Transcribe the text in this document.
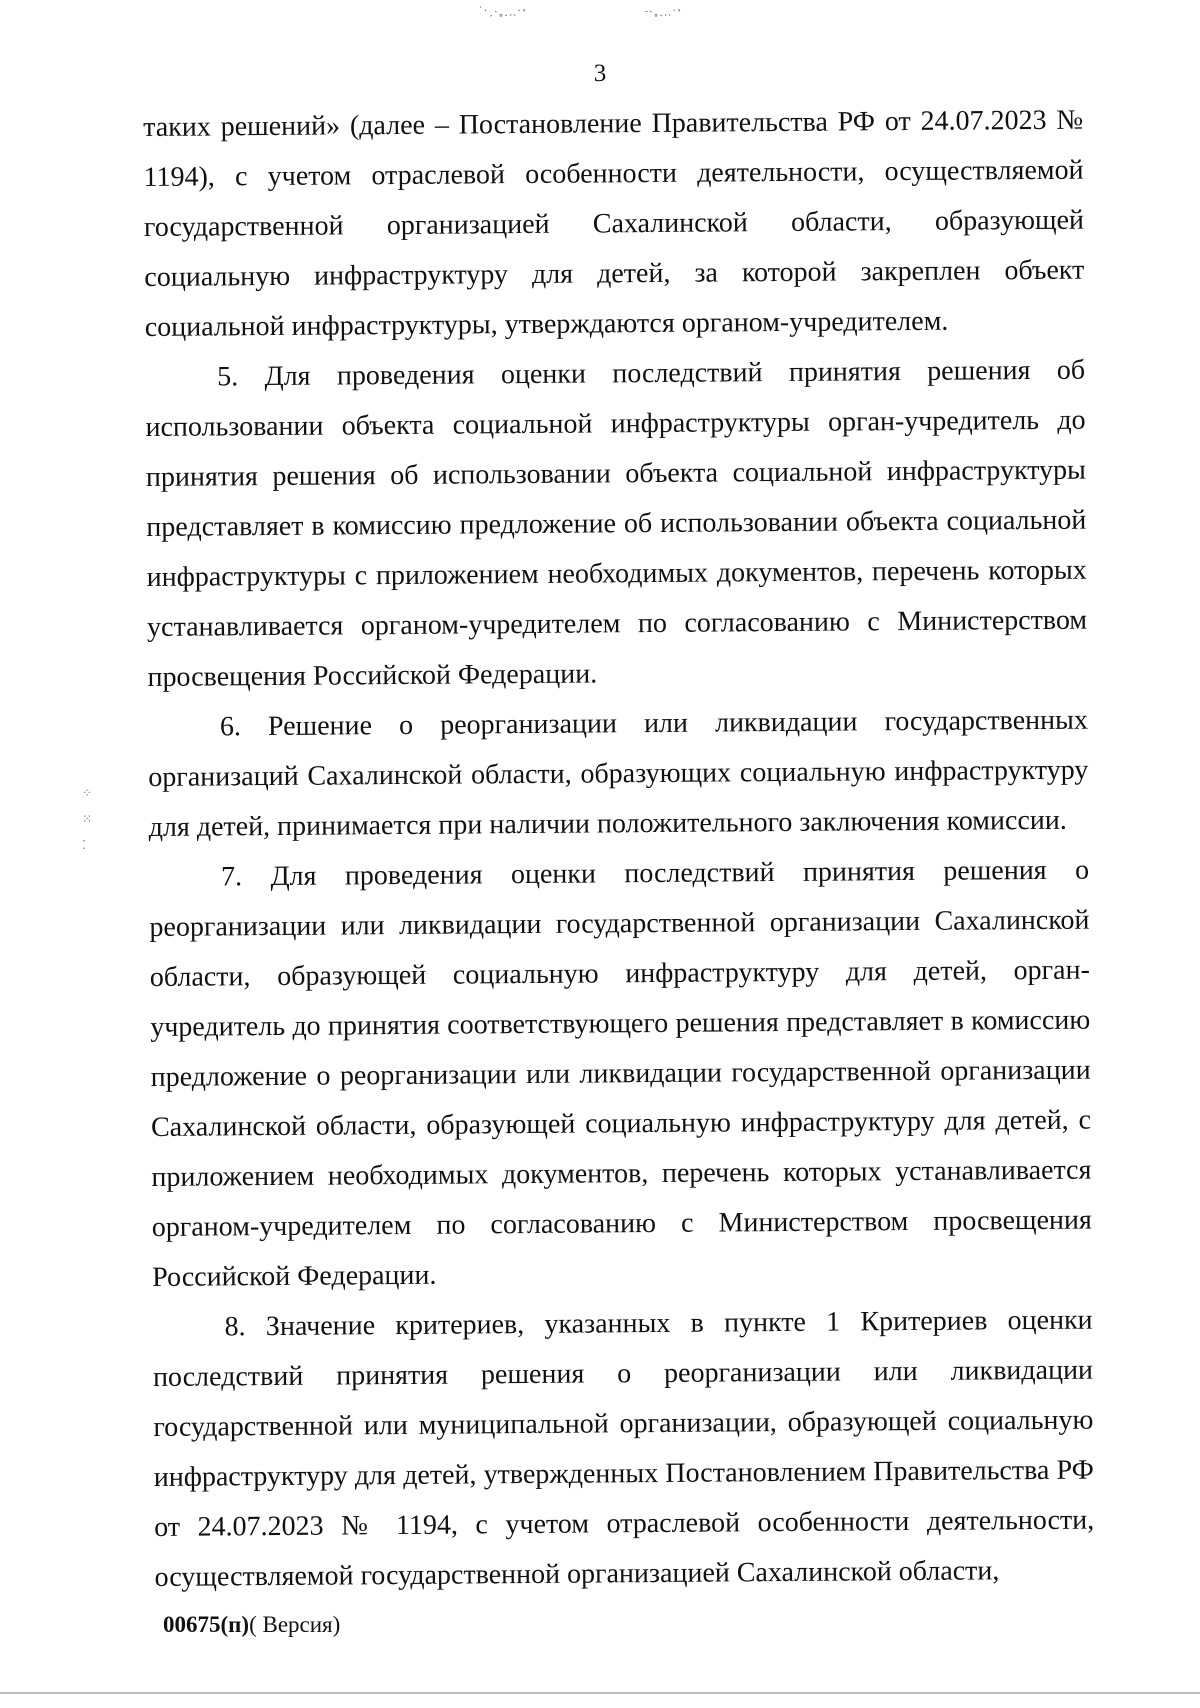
˙·ˏ˴˳˰˱˲·˕	˗˴˳˰˱˲·˕
3

таких решений» (далее – Постановление Правительства РФ от 24.07.2023 № 1194), с учетом отраслевой особенности деятельности, осуществляемой государственной организацией Сахалинской области, образующей социальную инфраструктуру для детей, за которой закреплен объект социальной инфраструктуры, утверждаются органом-учредителем.

5. Для проведения оценки последствий принятия решения об использовании объекта социальной инфраструктуры орган-учредитель до принятия решения об использовании объекта социальной инфраструктуры представляет в комиссию предложение об использовании объекта социальной инфраструктуры с приложением необходимых документов, перечень которых устанавливается органом-учредителем по согласованию с Министерством просвещения Российской Федерации.

6. Решение о реорганизации или ликвидации государственных организаций Сахалинской области, образующих социальную инфраструктуру для детей, принимается при наличии положительного заключения комиссии.

7. Для проведения оценки последствий принятия решения о реорганизации или ликвидации государственной организации Сахалинской области, образующей социальную инфраструктуру для детей, орган-учредитель до принятия соответствующего решения представляет в комиссию предложение о реорганизации или ликвидации государственной организации Сахалинской области, образующей социальную инфраструктуру для детей, с приложением необходимых документов, перечень которых устанавливается органом-учредителем по согласованию с Министерством просвещения Российской Федерации.

8. Значение критериев, указанных в пункте 1 Критериев оценки последствий принятия решения о реорганизации или ликвидации государственной или муниципальной организации, образующей социальную инфраструктуру для детей, утвержденных Постановлением Правительства РФ от 24.07.2023 № 1194, с учетом отраслевой особенности деятельности, осуществляемой государственной организацией Сахалинской области,

⁘
⁙
⁚
00675(п)( Версия)
